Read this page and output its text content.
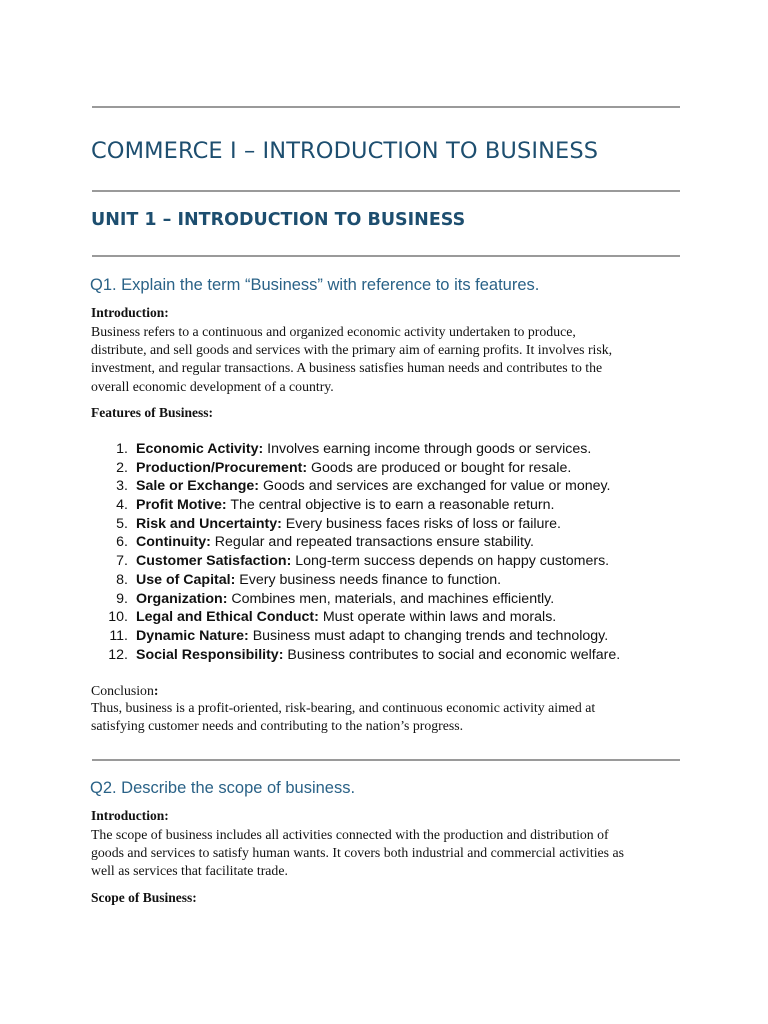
COMMERCE I – INTRODUCTION TO BUSINESS
UNIT 1 – INTRODUCTION TO BUSINESS
Q1. Explain the term “Business” with reference to its features.
Introduction:
Business refers to a continuous and organized economic activity undertaken to produce,
distribute, and sell goods and services with the primary aim of earning profits. It involves risk,
investment, and regular transactions. A business satisfies human needs and contributes to the
overall economic development of a country.
Features of Business:
1. Economic Activity: Involves earning income through goods or services.
2. Production/Procurement: Goods are produced or bought for resale.
3. Sale or Exchange: Goods and services are exchanged for value or money.
4. Profit Motive: The central objective is to earn a reasonable return.
5. Risk and Uncertainty: Every business faces risks of loss or failure.
6. Continuity: Regular and repeated transactions ensure stability.
7. Customer Satisfaction: Long-term success depends on happy customers.
8. Use of Capital: Every business needs finance to function.
9. Organization: Combines men, materials, and machines efficiently.
10. Legal and Ethical Conduct: Must operate within laws and morals.
11. Dynamic Nature: Business must adapt to changing trends and technology.
12. Social Responsibility: Business contributes to social and economic welfare.
Conclusion:
Thus, business is a profit-oriented, risk-bearing, and continuous economic activity aimed at
satisfying customer needs and contributing to the nation’s progress.
Q2. Describe the scope of business.
Introduction:
The scope of business includes all activities connected with the production and distribution of
goods and services to satisfy human wants. It covers both industrial and commercial activities as
well as services that facilitate trade.
Scope of Business:
